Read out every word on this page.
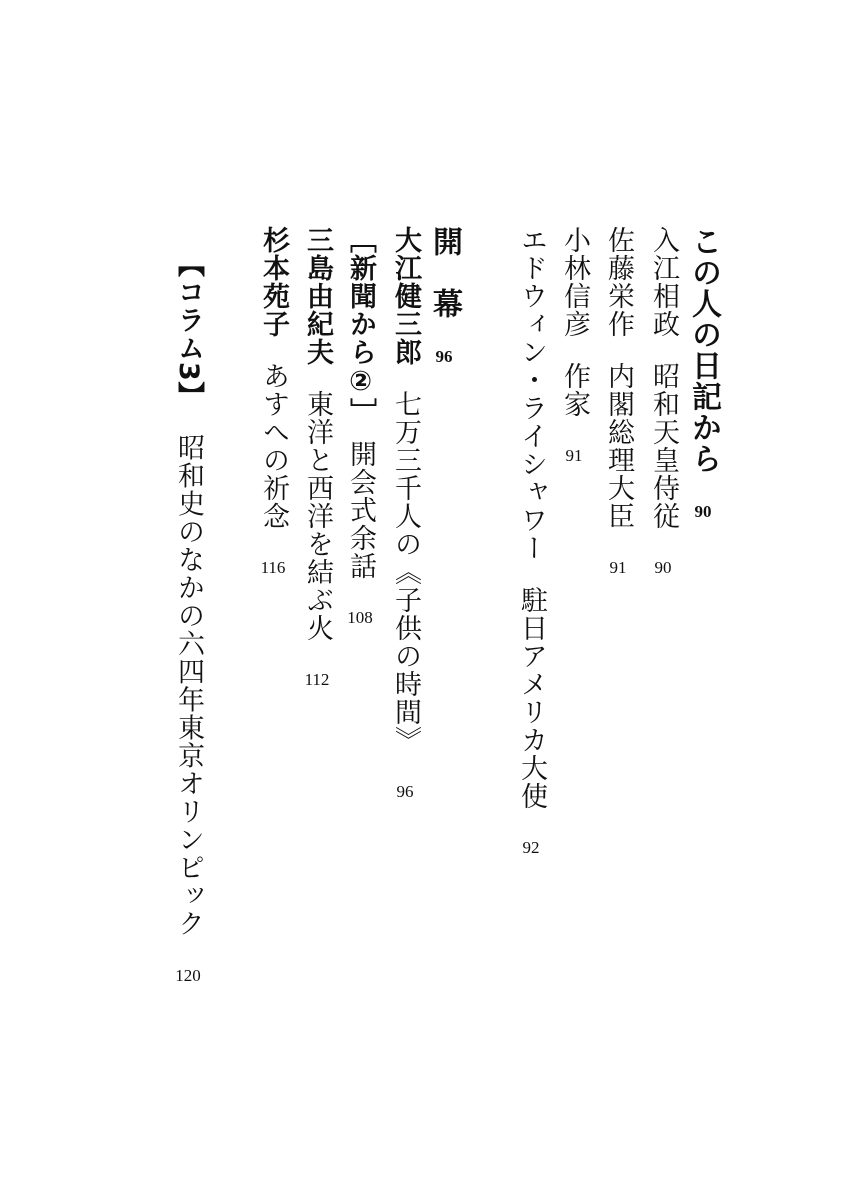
この人の日記から90
入江相政昭和天皇侍従90
佐藤栄作内閣総理大臣91
小林信彦作家91
エドウィン・ライシャワー駐日アメリカ大使92
開　幕96
大江健三郎七万三千人の《子供の時間》96
［新聞から②］開会式余話108
三島由紀夫東洋と西洋を結ぶ火112
杉本苑子あすへの祈念116
【コラム3】昭和史のなかの六四年東京オリンピック120
